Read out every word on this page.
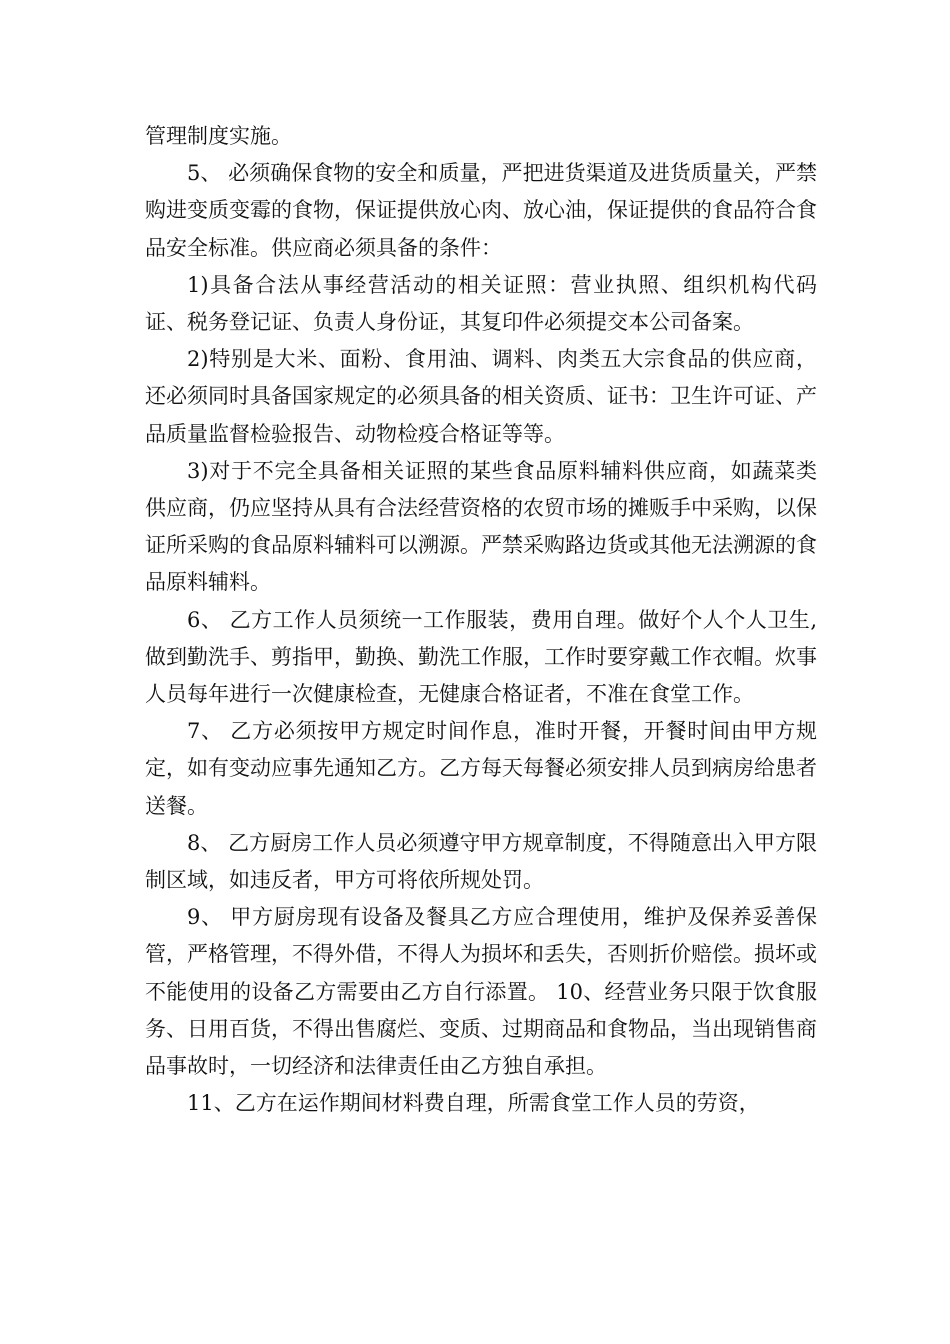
管理制度实施。

5、 必须确保食物的安全和质量，严把进货渠道及进货质量关，严禁购进变质变霉的食物，保证提供放心肉、放心油，保证提供的食品符合食品安全标准。供应商必须具备的条件：

1)具备合法从事经营活动的相关证照：营业执照、组织机构代码证、税务登记证、负责人身份证，其复印件必须提交本公司备案。

2)特别是大米、面粉、食用油、调料、肉类五大宗食品的供应商，还必须同时具备国家规定的必须具备的相关资质、证书：卫生许可证、产品质量监督检验报告、动物检疫合格证等等。

3)对于不完全具备相关证照的某些食品原料辅料供应商，如蔬菜类供应商，仍应坚持从具有合法经营资格的农贸市场的摊贩手中采购，以保证所采购的食品原料辅料可以溯源。严禁采购路边货或其他无法溯源的食品原料辅料。

6、 乙方工作人员须统一工作服装，费用自理。做好个人个人卫生,做到勤洗手、剪指甲，勤换、勤洗工作服，工作时要穿戴工作衣帽。炊事人员每年进行一次健康检查，无健康合格证者，不准在食堂工作。

7、 乙方必须按甲方规定时间作息，准时开餐，开餐时间由甲方规定，如有变动应事先通知乙方。乙方每天每餐必须安排人员到病房给患者送餐。

8、 乙方厨房工作人员必须遵守甲方规章制度，不得随意出入甲方限制区域，如违反者，甲方可将依所规处罚。

9、 甲方厨房现有设备及餐具乙方应合理使用，维护及保养妥善保管，严格管理，不得外借，不得人为损坏和丢失，否则折价赔偿。损坏或不能使用的设备乙方需要由乙方自行添置。 10、经营业务只限于饮食服务、日用百货，不得出售腐烂、变质、过期商品和食物品，当出现销售商品事故时，一切经济和法律责任由乙方独自承担。

11、乙方在运作期间材料费自理，所需食堂工作人员的劳资，
